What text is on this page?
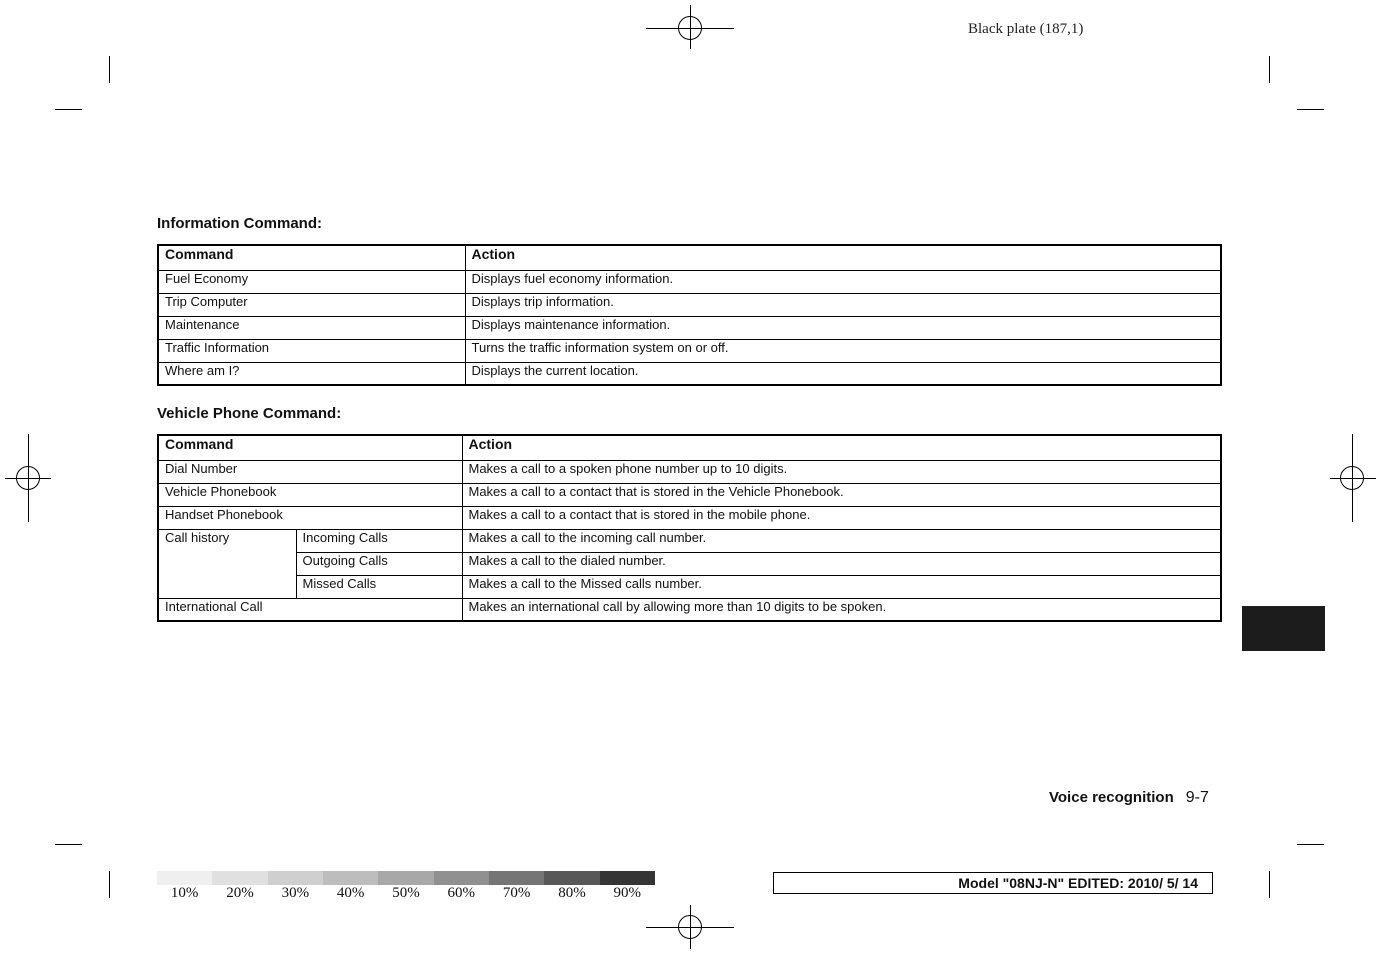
Black plate (187,1)
Information Command:
Command	Action
Fuel Economy	Displays fuel economy information.
Trip Computer	Displays trip information.
Maintenance	Displays maintenance information.
Traffic Information	Turns the traffic information system on or off.
Where am I?	Displays the current location.
Vehicle Phone Command:
Command		Action
Dial Number		Makes a call to a spoken phone number up to 10 digits.
Vehicle Phonebook		Makes a call to a contact that is stored in the Vehicle Phonebook.
Handset Phonebook		Makes a call to a contact that is stored in the mobile phone.
Call history	Incoming Calls	Makes a call to the incoming call number.
	Outgoing Calls	Makes a call to the dialed number.
	Missed Calls	Makes a call to the Missed calls number.
International Call		Makes an international call by allowing more than 10 digits to be spoken.
Voice recognition 9-7
10%	20%	30%	40%	50%	60%	70%	80%	90%
Model "08NJ-N" EDITED: 2010/ 5/ 14
